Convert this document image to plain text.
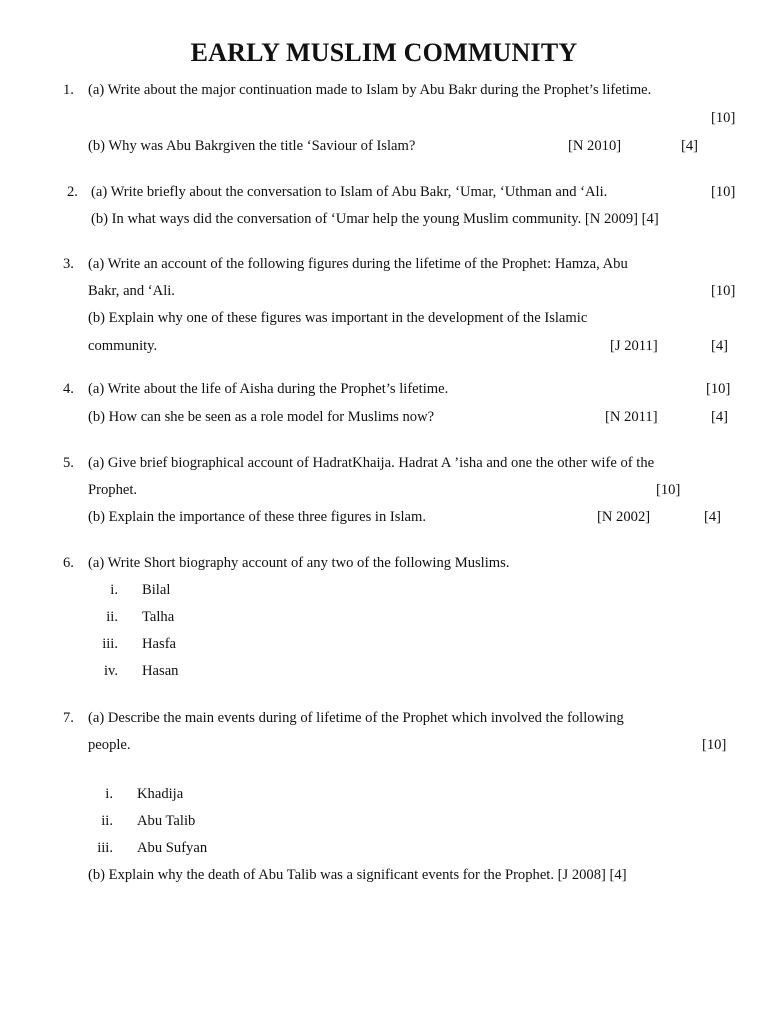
EARLY MUSLIM COMMUNITY
1. (a) Write about the major continuation made to Islam by Abu Bakr during the Prophet’s lifetime.
[10]
(b) Why was Abu Bakrgiven the title ‘Saviour of Islam?	[N 2010]	[4]
2. (a) Write briefly about the conversation to Islam of Abu Bakr, ‘Umar, ‘Uthman and ‘Ali.	[10]
(b) In what ways did the conversation of ‘Umar help the young Muslim community. [N 2009] [4]
3. (a) Write an account of the following figures during the lifetime of the Prophet: Hamza, Abu
Bakr, and ‘Ali.	[10]
(b) Explain why one of these figures was important in the development of the Islamic
community.	[J 2011]	[4]
4. (a) Write about the life of Aisha during the Prophet’s lifetime.	[10]
(b) How can she be seen as a role model for Muslims now?	[N 2011]	[4]
5. (a) Give brief biographical account of HadratKhaija. Hadrat A ’isha and one the other wife of the
Prophet.	[10]
(b) Explain the importance of these three figures in Islam.	[N 2002]	[4]
6. (a) Write Short biography account of any two of the following Muslims.
i. Bilal
ii. Talha
iii. Hasfa
iv. Hasan
7. (a) Describe the main events during of lifetime of the Prophet which involved the following
people.	[10]
i. Khadija
ii. Abu Talib
iii. Abu Sufyan
(b) Explain why the death of Abu Talib was a significant events for the Prophet. [J 2008] [4]
